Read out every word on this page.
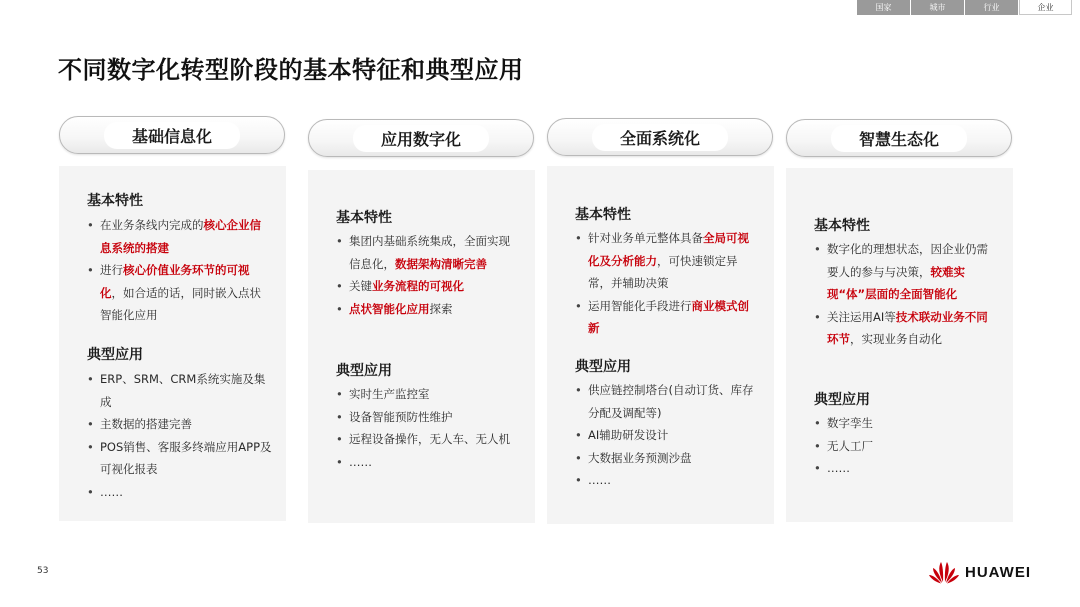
国家	城市	行业	企业
不同数字化转型阶段的基本特征和典型应用
基础信息化	应用数字化	全面系统化	智慧生态化
基本特性
• 在业务条线内完成的核心企业信息系统的搭建
• 进行核心价值业务环节的可视化，如合适的话，同时嵌入点状智能化应用
典型应用
• ERP、SRM、CRM系统实施及集成
• 主数据的搭建完善
• POS销售、客服多终端应用APP及可视化报表
• ……
基本特性
• 集团内基础系统集成，全面实现信息化，数据架构清晰完善
• 关键业务流程的可视化
• 点状智能化应用探索
典型应用
• 实时生产监控室
• 设备智能预防性维护
• 远程设备操作，无人车、无人机
• ……
基本特性
• 针对业务单元整体具备全局可视化及分析能力，可快速锁定异常，并辅助决策
• 运用智能化手段进行商业模式创新
典型应用
• 供应链控制塔台(自动订货、库存分配及调配等)
• AI辅助研发设计
• 大数据业务预测沙盘
• ……
基本特性
• 数字化的理想状态，因企业仍需要人的参与与决策，较难实现“体”层面的全面智能化
• 关注运用AI等技术联动业务不同环节，实现业务自动化
典型应用
• 数字孪生
• 无人工厂
• ……
53	HUAWEI
